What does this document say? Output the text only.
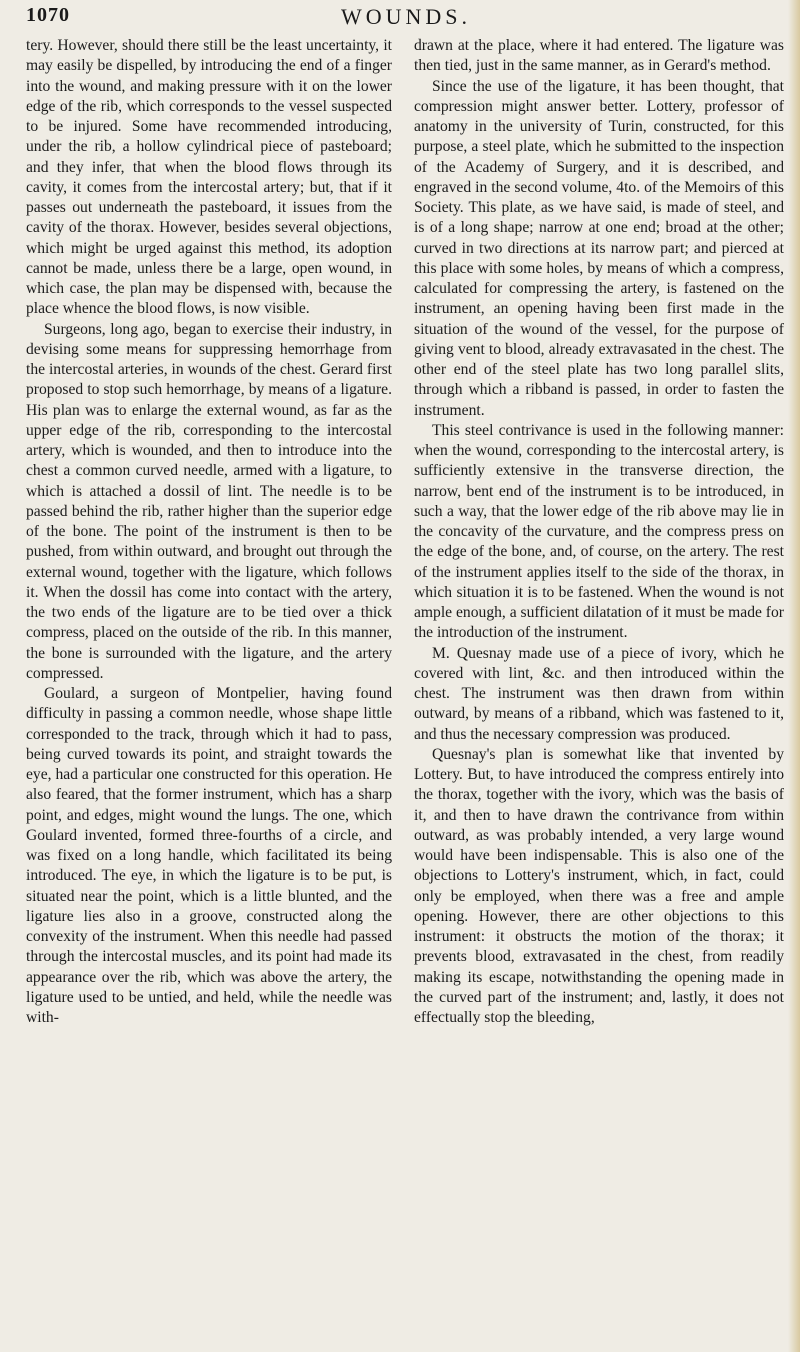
1070	WOUNDS.

tery. However, should there still be the least uncertainty, it may easily be dispelled, by introducing the end of a finger into the wound, and making pressure with it on the lower edge of the rib, which corresponds to the vessel suspected to be injured. Some have recommended introducing, under the rib, a hollow cylindrical piece of pasteboard; and they infer, that when the blood flows through its cavity, it comes from the intercostal artery; but, that if it passes out underneath the pasteboard, it issues from the cavity of the thorax. However, besides several objections, which might be urged against this method, its adoption cannot be made, unless there be a large, open wound, in which case, the plan may be dispensed with, because the place whence the blood flows, is now visible.

Surgeons, long ago, began to exercise their industry, in devising some means for suppressing hemorrhage from the intercostal arteries, in wounds of the chest. Gerard first proposed to stop such hemorrhage, by means of a ligature. His plan was to enlarge the external wound, as far as the upper edge of the rib, corresponding to the intercostal artery, which is wounded, and then to introduce into the chest a common curved needle, armed with a ligature, to which is attached a dossil of lint. The needle is to be passed behind the rib, rather higher than the superior edge of the bone. The point of the instrument is then to be pushed, from within outward, and brought out through the external wound, together with the ligature, which follows it. When the dossil has come into contact with the artery, the two ends of the ligature are to be tied over a thick compress, placed on the outside of the rib. In this manner, the bone is surrounded with the ligature, and the artery compressed.

Goulard, a surgeon of Montpelier, having found difficulty in passing a common needle, whose shape little corresponded to the track, through which it had to pass, being curved towards its point, and straight towards the eye, had a particular one constructed for this operation. He also feared, that the former instrument, which has a sharp point, and edges, might wound the lungs. The one, which Goulard invented, formed three-fourths of a circle, and was fixed on a long handle, which facilitated its being introduced. The eye, in which the ligature is to be put, is situated near the point, which is a little blunted, and the ligature lies also in a groove, constructed along the convexity of the instrument. When this needle had passed through the intercostal muscles, and its point had made its appearance over the rib, which was above the artery, the ligature used to be untied, and held, while the needle was with-

drawn at the place, where it had entered. The ligature was then tied, just in the same manner, as in Gerard's method.

Since the use of the ligature, it has been thought, that compression might answer better. Lottery, professor of anatomy in the university of Turin, constructed, for this purpose, a steel plate, which he submitted to the inspection of the Academy of Surgery, and it is described, and engraved in the second volume, 4to. of the Memoirs of this Society. This plate, as we have said, is made of steel, and is of a long shape; narrow at one end; broad at the other; curved in two directions at its narrow part; and pierced at this place with some holes, by means of which a compress, calculated for compressing the artery, is fastened on the instrument, an opening having been first made in the situation of the wound of the vessel, for the purpose of giving vent to blood, already extravasated in the chest. The other end of the steel plate has two long parallel slits, through which a ribband is passed, in order to fasten the instrument.

This steel contrivance is used in the following manner: when the wound, corresponding to the intercostal artery, is sufficiently extensive in the transverse direction, the narrow, bent end of the instrument is to be introduced, in such a way, that the lower edge of the rib above may lie in the concavity of the curvature, and the compress press on the edge of the bone, and, of course, on the artery. The rest of the instrument applies itself to the side of the thorax, in which situation it is to be fastened. When the wound is not ample enough, a sufficient dilatation of it must be made for the introduction of the instrument.

M. Quesnay made use of a piece of ivory, which he covered with lint, &c. and then introduced within the chest. The instrument was then drawn from within outward, by means of a ribband, which was fastened to it, and thus the necessary compression was produced.

Quesnay's plan is somewhat like that invented by Lottery. But, to have introduced the compress entirely into the thorax, together with the ivory, which was the basis of it, and then to have drawn the contrivance from within outward, as was probably intended, a very large wound would have been indispensable. This is also one of the objections to Lottery's instrument, which, in fact, could only be employed, when there was a free and ample opening. However, there are other objections to this instrument: it obstructs the motion of the thorax; it prevents blood, extravasated in the chest, from readily making its escape, notwithstanding the opening made in the curved part of the instrument; and, lastly, it does not effectually stop the bleeding,
